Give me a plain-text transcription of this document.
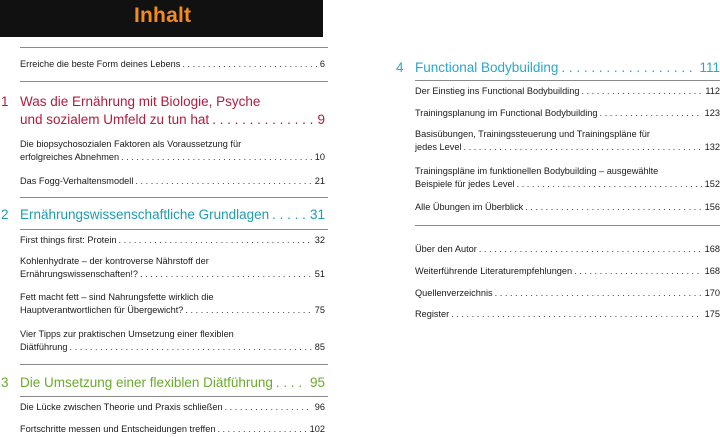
Inhalt
Erreiche die beste Form deines Lebens . . .	6
1 Was die Ernährung mit Biologie, Psyche
und sozialem Umfeld zu tun hat . . .	9
Die biopsychosozialen Faktoren als Voraussetzung für
erfolgreiches Abnehmen . . .	10
Das Fogg-Verhaltensmodell . . .	21
2 Ernährungswissenschaftliche Grundlagen . . .	31
First things first: Protein . . .	32
Kohlenhydrate – der kontroverse Nährstoff der
Ernährungswissenschaften!? . . .	51
Fett macht fett – sind Nahrungsfette wirklich die
Hauptverantwortlichen für Übergewicht? . . .	75
Vier Tipps zur praktischen Umsetzung einer flexiblen
Diätführung . . .	85
3 Die Umsetzung einer flexiblen Diätführung . . .	95
Die Lücke zwischen Theorie und Praxis schließen . . .	96
Fortschritte messen und Entscheidungen treffen . . .	102
4 Functional Bodybuilding . . .	111
Der Einstieg ins Functional Bodybuilding . . .	112
Trainingsplanung im Functional Bodybuilding . . .	123
Basisübungen, Trainingssteuerung und Trainingspläne für
jedes Level . . .	132
Trainingspläne im funktionellen Bodybuilding – ausgewählte
Beispiele für jedes Level . . .	152
Alle Übungen im Überblick . . .	156
Über den Autor . . .	168
Weiterführende Literaturempfehlungen . . .	168
Quellenverzeichnis . . .	170
Register . . .	175
